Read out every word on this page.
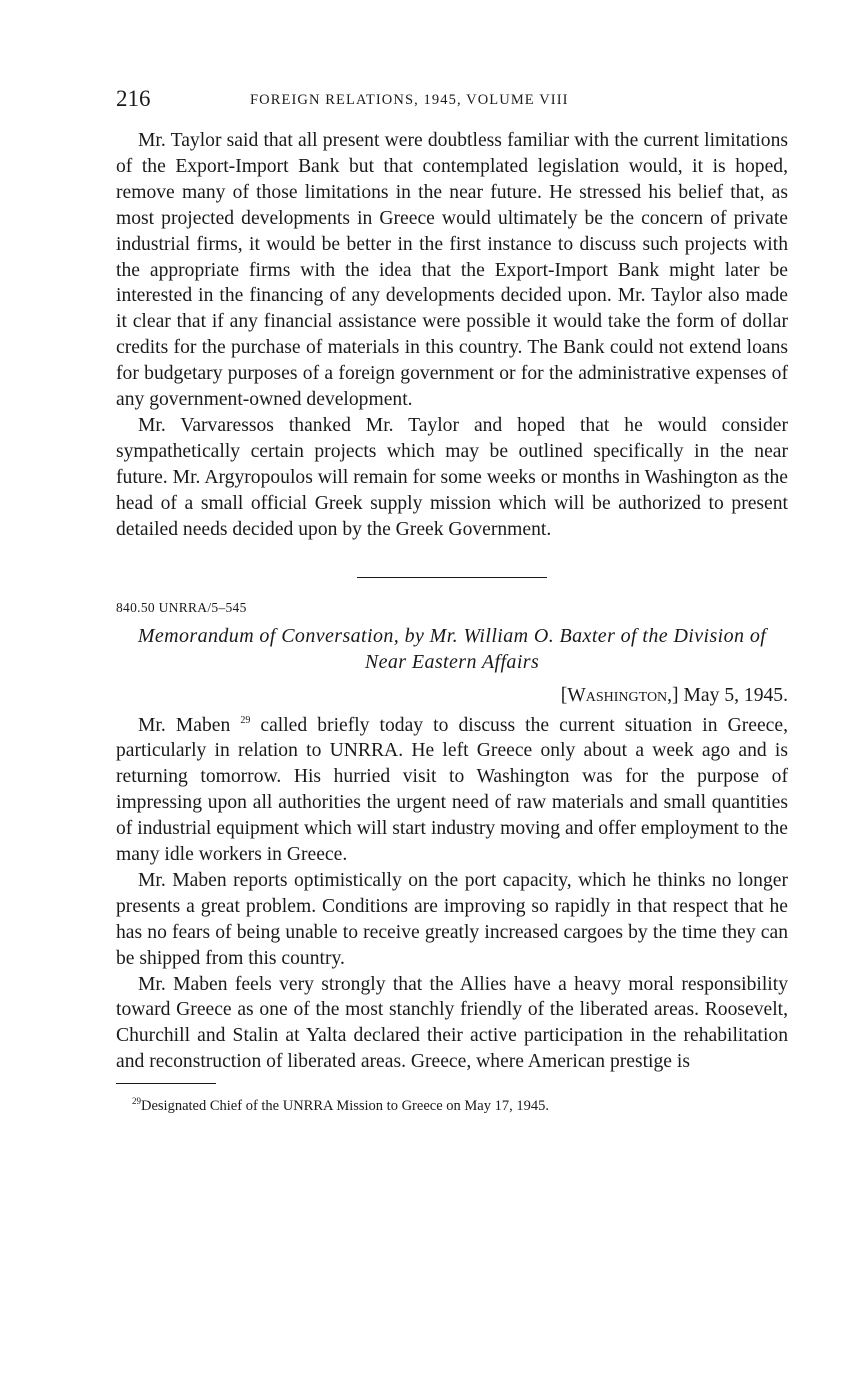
216	FOREIGN RELATIONS, 1945, VOLUME VIII

Mr. Taylor said that all present were doubtless familiar with the current limitations of the Export-Import Bank but that contemplated legislation would, it is hoped, remove many of those limitations in the near future. He stressed his belief that, as most projected developments in Greece would ultimately be the concern of private industrial firms, it would be better in the first instance to discuss such projects with the appropriate firms with the idea that the Export-Import Bank might later be interested in the financing of any developments decided upon. Mr. Taylor also made it clear that if any financial assistance were possible it would take the form of dollar credits for the purchase of materials in this country. The Bank could not extend loans for budgetary purposes of a foreign government or for the administrative expenses of any government-owned development.

Mr. Varvaressos thanked Mr. Taylor and hoped that he would consider sympathetically certain projects which may be outlined specifically in the near future. Mr. Argyropoulos will remain for some weeks or months in Washington as the head of a small official Greek supply mission which will be authorized to present detailed needs decided upon by the Greek Government.

840.50 UNRRA/5–545
Memorandum of Conversation, by Mr. William O. Baxter of the Division of Near Eastern Affairs
[Washington,] May 5, 1945.

Mr. Maben $^{29}$ called briefly today to discuss the current situation in Greece, particularly in relation to UNRRA. He left Greece only about a week ago and is returning tomorrow. His hurried visit to Washington was for the purpose of impressing upon all authorities the urgent need of raw materials and small quantities of industrial equipment which will start industry moving and offer employment to the many idle workers in Greece.

Mr. Maben reports optimistically on the port capacity, which he thinks no longer presents a great problem. Conditions are improving so rapidly in that respect that he has no fears of being unable to receive greatly increased cargoes by the time they can be shipped from this country.

Mr. Maben feels very strongly that the Allies have a heavy moral responsibility toward Greece as one of the most stanchly friendly of the liberated areas. Roosevelt, Churchill and Stalin at Yalta declared their active participation in the rehabilitation and reconstruction of liberated areas. Greece, where American prestige is

$^{29}$Designated Chief of the UNRRA Mission to Greece on May 17, 1945.
